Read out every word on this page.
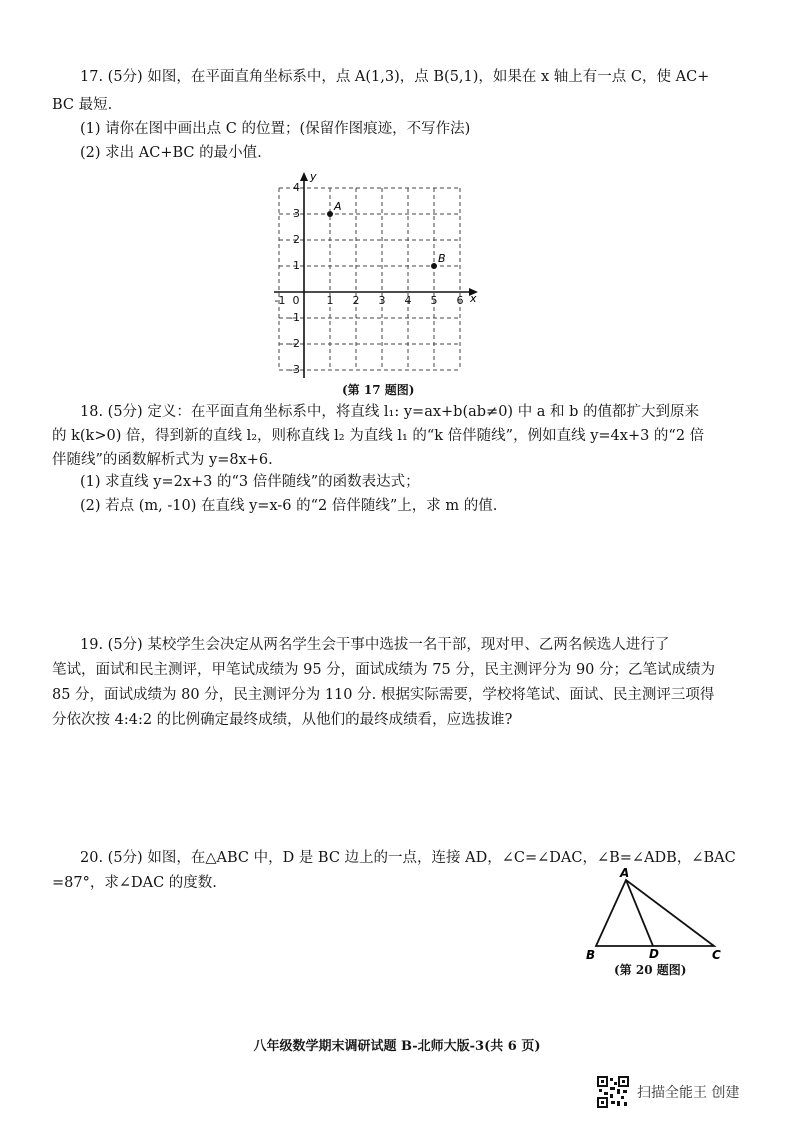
17. (5分) 如图，在平面直角坐标系中，点 A(1,3)，点 B(5,1)，如果在 x 轴上有一点 C，使 AC+
BC 最短.
(1) 请你在图中画出点 C 的位置；(保留作图痕迹，不写作法)
(2) 求出 AC+BC 的最小值.
y
x
-1 0 1 2 3 4 5 6
-3
-2
-1
1
2
3
4
A
B
(第 17 题图)
18. (5分) 定义：在平面直角坐标系中，将直线 l₁: y=ax+b(ab≠0) 中 a 和 b 的值都扩大到原来
的 k(k>0) 倍，得到新的直线 l₂，则称直线 l₂ 为直线 l₁ 的“k 倍伴随线”，例如直线 y=4x+3 的“2 倍
伴随线”的函数解析式为 y=8x+6.
(1) 求直线 y=2x+3 的“3 倍伴随线”的函数表达式；
(2) 若点 (m, -10) 在直线 y=x-6 的“2 倍伴随线”上，求 m 的值.
19. (5分) 某校学生会决定从两名学生会干事中选拔一名干部，现对甲、乙两名候选人进行了
笔试，面试和民主测评，甲笔试成绩为 95 分，面试成绩为 75 分，民主测评分为 90 分；乙笔试成绩为
85 分，面试成绩为 80 分，民主测评分为 110 分. 根据实际需要，学校将笔试、面试、民主测评三项得
分依次按 4:4:2 的比例确定最终成绩，从他们的最终成绩看，应选拔谁?
20. (5分) 如图，在△ABC 中，D 是 BC 边上的一点，连接 AD，∠C=∠DAC，∠B=∠ADB，∠BAC
=87°，求∠DAC 的度数.
A
B	D	C
(第 20 题图)
八年级数学期末调研试题 B-北师大版-3(共 6 页)
扫描全能王 创建
